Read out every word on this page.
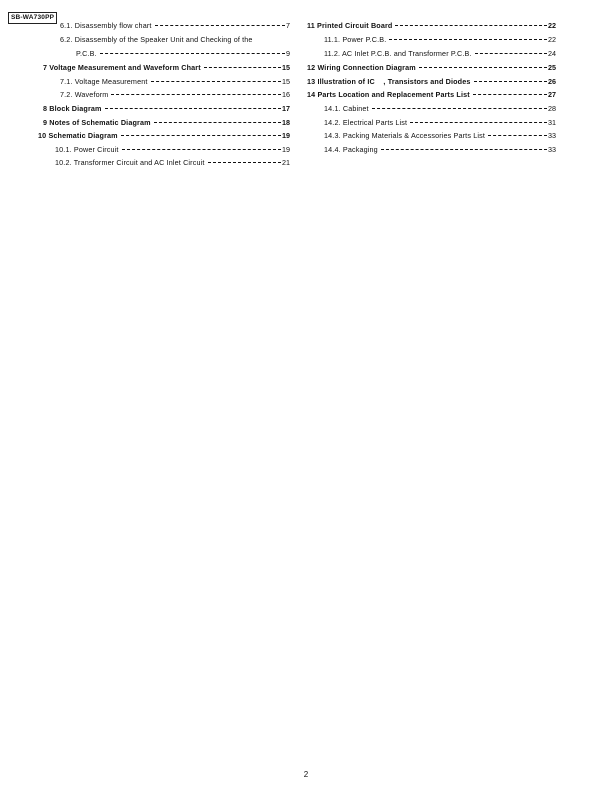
SB-WA730PP
6.1. Disassembly flow chart	7
6.2. Disassembly of the Speaker Unit and Checking of the
P.C.B.	9
7 Voltage Measurement and Waveform Chart	15
7.1. Voltage Measurement	15
7.2. Waveform	16
8 Block Diagram	17
9 Notes of Schematic Diagram	18
10 Schematic Diagram	19
10.1. Power Circuit	19
10.2. Transformer Circuit and AC Inlet Circuit	21
11 Printed Circuit Board	22
11.1. Power P.C.B.	22
11.2. AC Inlet P.C.B. and Transformer P.C.B.	24
12 Wiring Connection Diagram	25
13 Illustration of IC    , Transistors and Diodes	26
14 Parts Location and Replacement Parts List	27
14.1. Cabinet	28
14.2. Electrical Parts List	31
14.3. Packing Materials & Accessories Parts List	33
14.4. Packaging	33
2
